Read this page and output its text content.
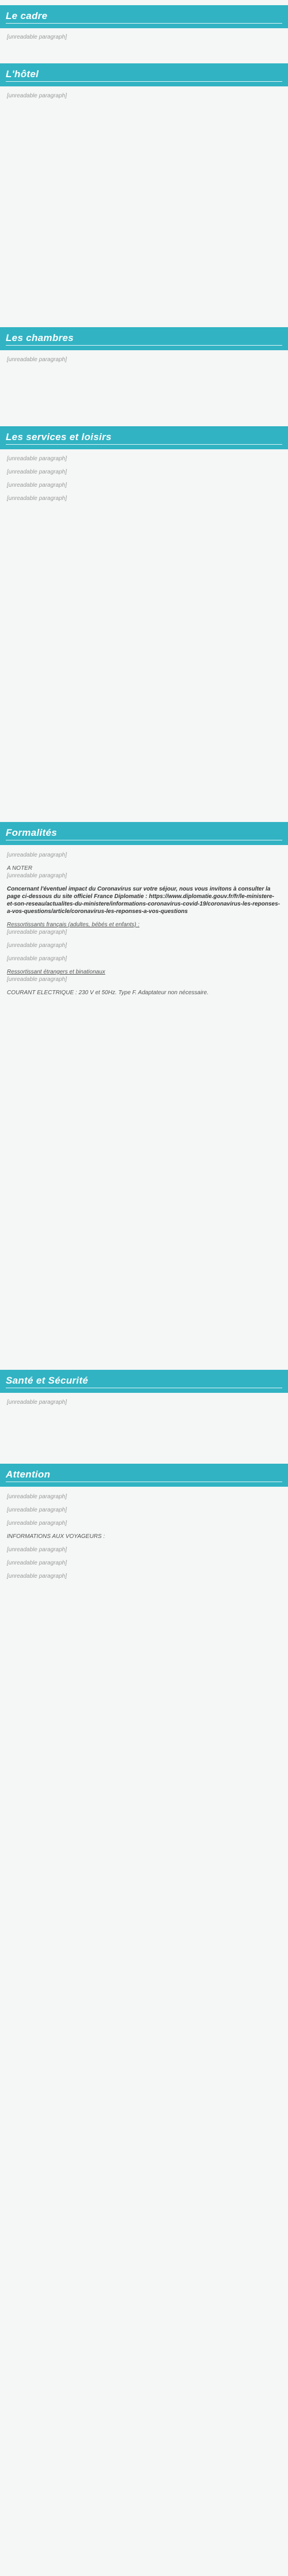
Le cadre

[unreadable paragraph]

L'hôtel

[unreadable paragraph]

Les chambres

[unreadable paragraph]

Les services et loisirs

[unreadable paragraph]

[unreadable paragraph]

[unreadable paragraph]

[unreadable paragraph]

Formalités

[unreadable paragraph]

A NOTER

[unreadable paragraph]

Concernant l'éventuel impact du Coronavirus sur votre séjour, nous vous invitons à consulter la page ci-dessous du site officiel France Diplomatie : https://www.diplomatie.gouv.fr/fr/le-ministere-et-son-reseau/actualites-du-ministere/informations-coronavirus-covid-19/coronavirus-les-reponses-a-vos-questions/article/coronavirus-les-reponses-a-vos-questions

Ressortissants français (adultes, bébés et enfants) :

[unreadable paragraph]

[unreadable paragraph]

[unreadable paragraph]

Ressortissant étrangers et binationaux

[unreadable paragraph]

COURANT ELECTRIQUE : 230 V et 50Hz. Type F. Adaptateur non nécessaire.

Santé et Sécurité

[unreadable paragraph]

Attention

[unreadable paragraph]

[unreadable paragraph]

[unreadable paragraph]

INFORMATIONS AUX VOYAGEURS :

[unreadable paragraph]

[unreadable paragraph]

[unreadable paragraph]
